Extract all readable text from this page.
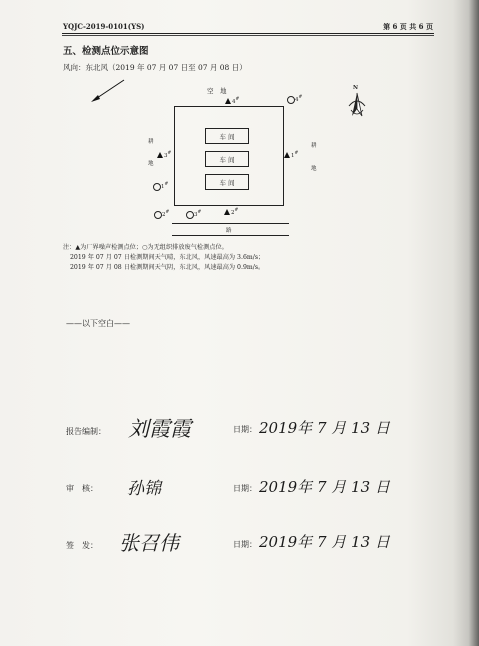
YQJC-2019-0101(YS)	第 6 页 共 6 页
五、检测点位示意图
风向：东北风（2019 年 07 月 07 日至 07 月 08 日）
N
空　地
车 间
车 间
车 间
耕
地
耕
地
4#
3#	1#
2#
4#
1#
2#	3#
路
注：▲为厂界噪声检测点位；○为无组织排放废气检测点位。
2019 年 07 月 07 日检测期间天气晴，东北风，风速最高为 3.6m/s；
2019 年 07 月 08 日检测期间天气阴，东北风，风速最高为 0.9m/s。
——以下空白——
报告编制： 刘霞霞	日期： 2019年 7 月 13 日
审　核： 孙锦	日期： 2019年 7 月 13 日
签　发： 张召伟	日期： 2019年 7 月 13 日
